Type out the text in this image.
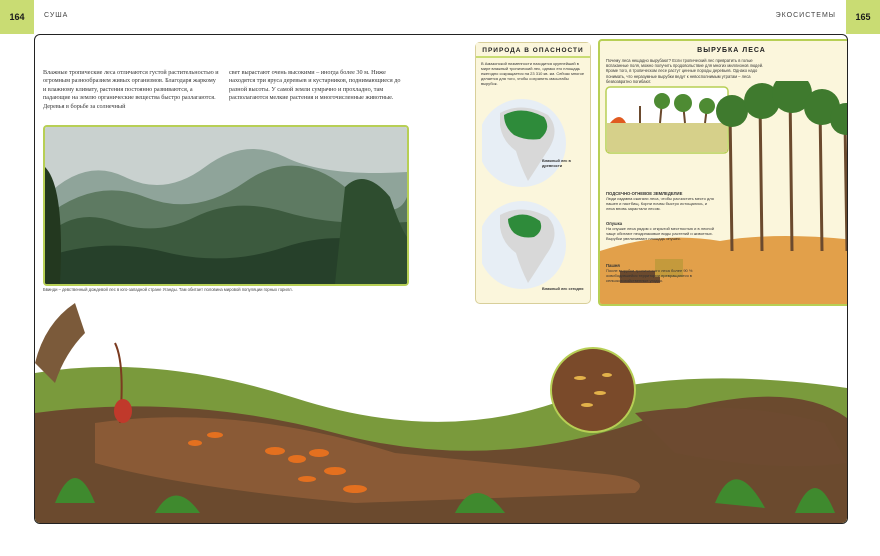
164	СУША	ЭКОСИСТЕМЫ	165
Влажные тропические леса отличаются густой растительностью и огромным разнообразием живых организмов. Благодаря жаркому и влажному климату, растения постоянно развиваются, а падающие на землю органические вещества быстро разлагаются. Деревья в борьбе за солнечный
свет вырастают очень высокими – иногда более 30 м. Ниже находятся три яруса деревьев и кустарников, поднимающиеся до разной высоты. У самой земли сумрачно и прохладно, там располагаются мелкие растения и многочисленные животные.
Бвинди – девственный дождевой лес в юго-западной стране Уганды. Там обитает половина мировой популяции горных горилл.
ПРИРОДА В ОПАСНОСТИ
В Амазонской низменности находится крупнейший в мире влажный тропический лес, однако его площадь ежегодно сокращается на 23 310 кв. км. Сейчас многое делается для того, чтобы сохранить масштабы вырубок.
Влажный лес в древности
Влажный лес сегодня
ВЫРУБКА ЛЕСА
Почему леса нещадно вырубают? Если тропический лес превратить в голые вспаханные поля, можно получить продовольствие для многих миллионов людей. Кроме того, в тропическом лесе растут ценные породы деревьев. Однако надо понимать, что неразумные вырубки ведут к невосполнимым утратам – леса безвозвратно погибают.
ПОДСЕЧНО-ОГНЕВОЕ ЗЕМЛЕДЕЛИЕ
Люди издавна сжигали леса, чтобы расчистить место для пашен и пастбищ. Корни почвы быстро истощались, и леса вновь зарастали лесом.
Опушка
На опушке леса рядом с открытой местностью и в лесной чаще обитают неодинаковые виды растений и животных. Вырубки увеличивают площадь опушек.
Пашня
После вырубки тропического леса более 90 % освободившейся территории превращаются в сельскохозяйственные угодья.
